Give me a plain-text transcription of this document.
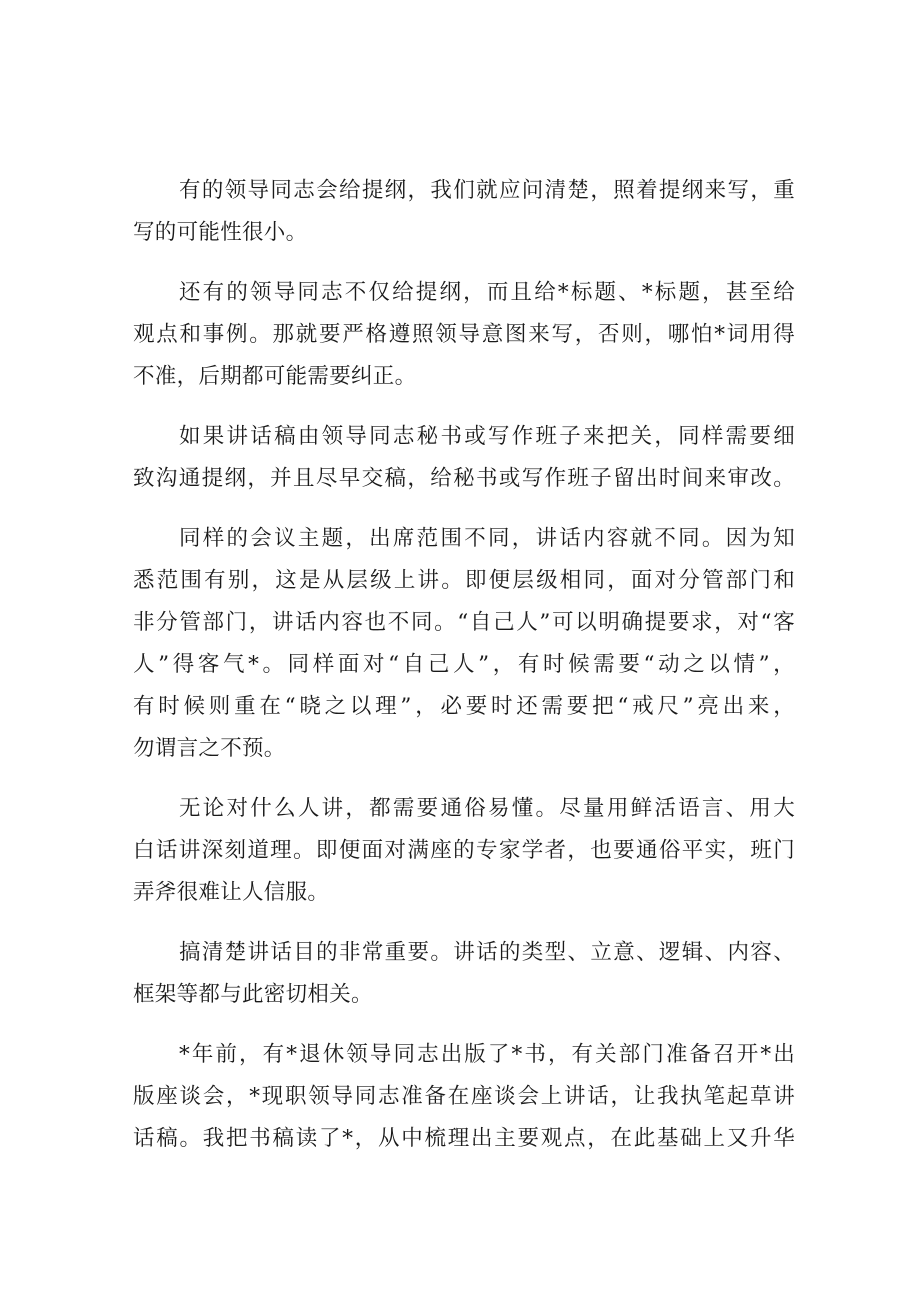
有的领导同志会给提纲，我们就应问清楚，照着提纲来写，重
写的可能性很小。
还有的领导同志不仅给提纲，而且给*标题、*标题，甚至给
观点和事例。那就要严格遵照领导意图来写，否则，哪怕*词用得
不准，后期都可能需要纠正。
如果讲话稿由领导同志秘书或写作班子来把关，同样需要细
致沟通提纲，并且尽早交稿，给秘书或写作班子留出时间来审改。
同样的会议主题，出席范围不同，讲话内容就不同。因为知
悉范围有别，这是从层级上讲。即便层级相同，面对分管部门和
非分管部门，讲话内容也不同。“自己人”可以明确提要求，对“客
人”得客气*。同样面对“自己人”，有时候需要“动之以情”，
有时候则重在“晓之以理”，必要时还需要把“戒尺”亮出来，
勿谓言之不预。
无论对什么人讲，都需要通俗易懂。尽量用鲜活语言、用大
白话讲深刻道理。即便面对满座的专家学者，也要通俗平实，班门
弄斧很难让人信服。
搞清楚讲话目的非常重要。讲话的类型、立意、逻辑、内容、
框架等都与此密切相关。
*年前，有*退休领导同志出版了*书，有关部门准备召开*出
版座谈会，*现职领导同志准备在座谈会上讲话，让我执笔起草讲
话稿。我把书稿读了*，从中梳理出主要观点，在此基础上又升华
